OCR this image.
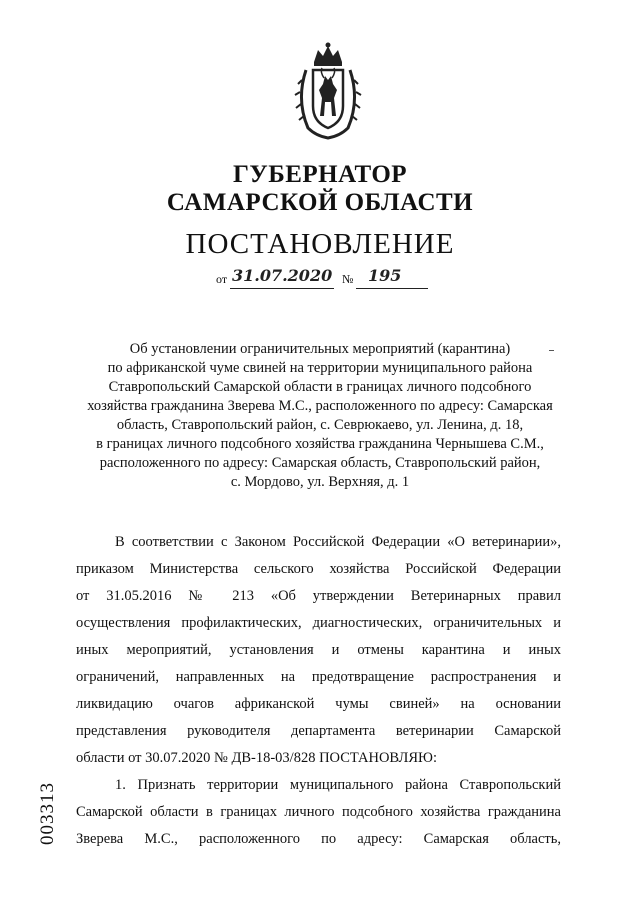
ГУБЕРНАТОР
САМАРСКОЙ ОБЛАСТИ
ПОСТАНОВЛЕНИЕ
от 31.07.2020 № 195
Об установлении ограничительных мероприятий (карантина)
по африканской чуме свиней на территории муниципального района
Ставропольский Самарской области в границах личного подсобного
хозяйства гражданина Зверева М.С., расположенного по адресу: Самарская
область, Ставропольский район, с. Севрюкаево, ул. Ленина, д. 18,
в границах личного подсобного хозяйства гражданина Чернышева С.М.,
расположенного по адресу: Самарская область, Ставропольский район,
с. Мордово, ул. Верхняя, д. 1
В соответствии с Законом Российской Федерации «О ветеринарии»,
приказом Министерства сельского хозяйства Российской Федерации
от 31.05.2016 № 213 «Об утверждении Ветеринарных правил
осуществления профилактических, диагностических, ограничительных и
иных мероприятий, установления и отмены карантина и иных
ограничений, направленных на предотвращение распространения и
ликвидацию очагов африканской чумы свиней» на основании
представления руководителя департамента ветеринарии Самарской
области от 30.07.2020 № ДВ-18-03/828 ПОСТАНОВЛЯЮ:
1. Признать территории муниципального района Ставропольский
Самарской области в границах личного подсобного хозяйства гражданина
Зверева М.С., расположенного по адресу: Самарская область,
003313
